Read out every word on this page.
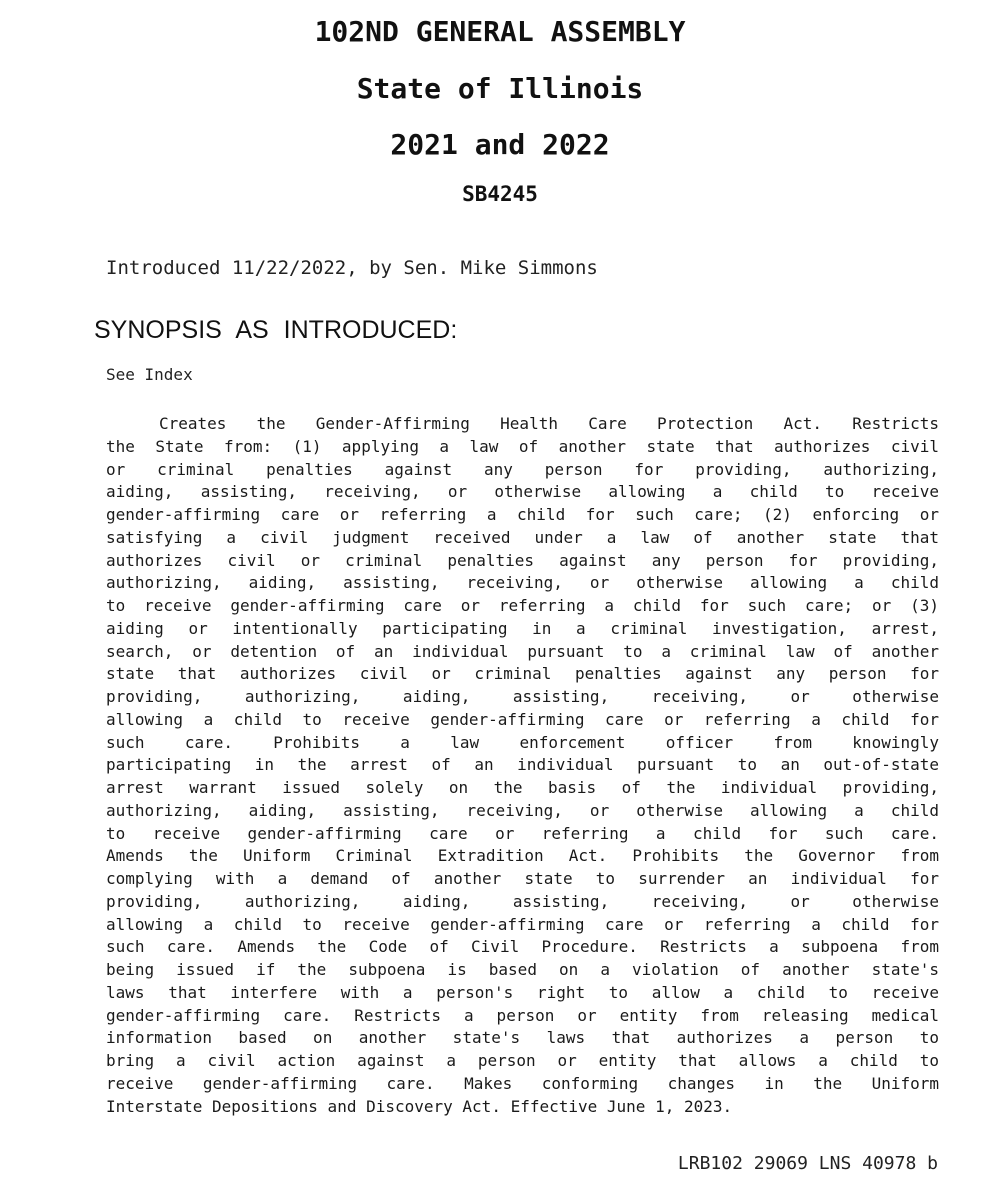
102ND GENERAL ASSEMBLY
State of Illinois
2021 and 2022
SB4245
Introduced 11/22/2022, by Sen. Mike Simmons
SYNOPSIS AS INTRODUCED:
See Index
Creates the Gender-Affirming Health Care Protection Act. Restricts
the State from: (1) applying a law of another state that authorizes civil
or criminal penalties against any person for providing, authorizing,
aiding, assisting, receiving, or otherwise allowing a child to receive
gender-affirming care or referring a child for such care; (2) enforcing or
satisfying a civil judgment received under a law of another state that
authorizes civil or criminal penalties against any person for providing,
authorizing, aiding, assisting, receiving, or otherwise allowing a child
to receive gender-affirming care or referring a child for such care; or (3)
aiding or intentionally participating in a criminal investigation, arrest,
search, or detention of an individual pursuant to a criminal law of another
state that authorizes civil or criminal penalties against any person for
providing, authorizing, aiding, assisting, receiving, or otherwise
allowing a child to receive gender-affirming care or referring a child for
such care. Prohibits a law enforcement officer from knowingly
participating in the arrest of an individual pursuant to an out-of-state
arrest warrant issued solely on the basis of the individual providing,
authorizing, aiding, assisting, receiving, or otherwise allowing a child
to receive gender-affirming care or referring a child for such care.
Amends the Uniform Criminal Extradition Act. Prohibits the Governor from
complying with a demand of another state to surrender an individual for
providing, authorizing, aiding, assisting, receiving, or otherwise
allowing a child to receive gender-affirming care or referring a child for
such care. Amends the Code of Civil Procedure. Restricts a subpoena from
being issued if the subpoena is based on a violation of another state's
laws that interfere with a person's right to allow a child to receive
gender-affirming care. Restricts a person or entity from releasing medical
information based on another state's laws that authorizes a person to
bring a civil action against a person or entity that allows a child to
receive gender-affirming care. Makes conforming changes in the Uniform
Interstate Depositions and Discovery Act. Effective June 1, 2023.
LRB102 29069 LNS 40978 b
